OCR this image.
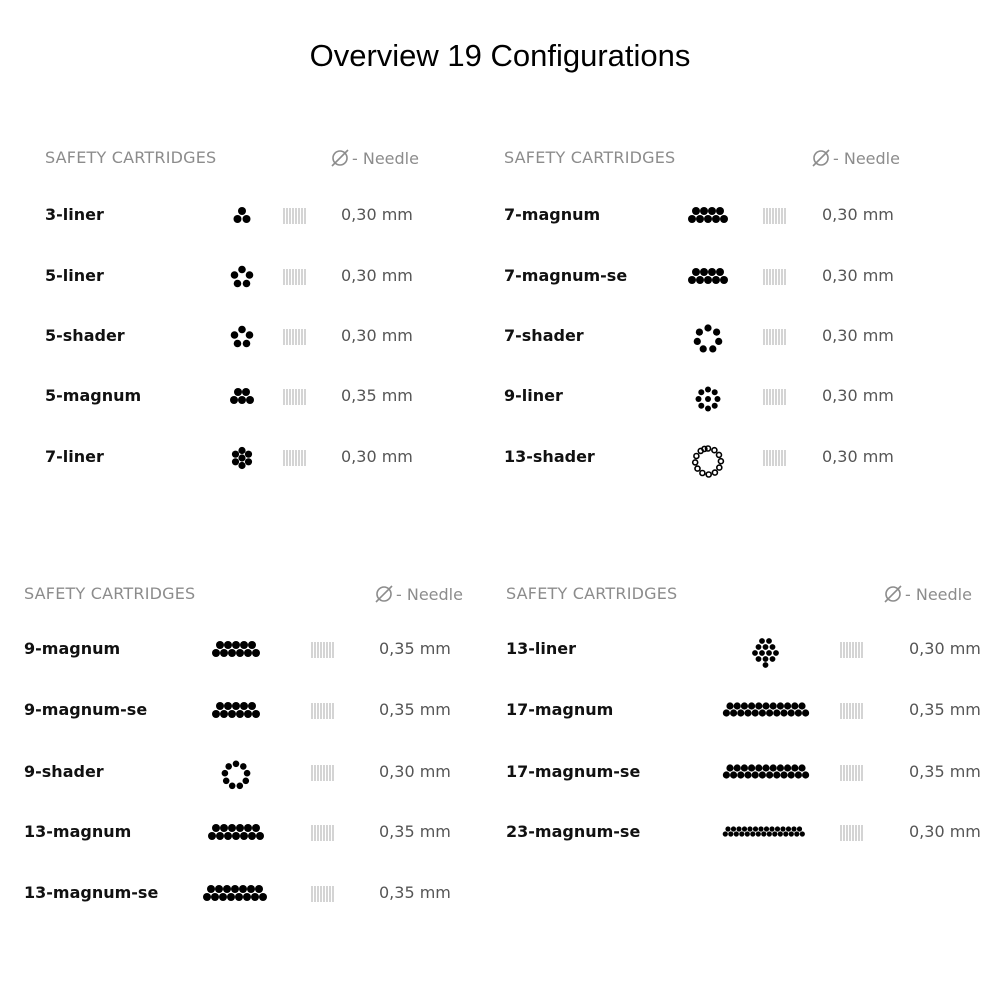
Overview 19 Configurations
SAFETY CARTRIDGES	- Needle
3-liner	0,30 mm
5-liner	0,30 mm
5-shader	0,30 mm
5-magnum	0,35 mm
7-liner	0,30 mm
SAFETY CARTRIDGES	- Needle
7-magnum	0,30 mm
7-magnum-se	0,30 mm
7-shader	0,30 mm
9-liner	0,30 mm
13-shader	0,30 mm
SAFETY CARTRIDGES	- Needle
9-magnum	0,35 mm
9-magnum-se	0,35 mm
9-shader	0,30 mm
13-magnum	0,35 mm
13-magnum-se	0,35 mm
SAFETY CARTRIDGES	- Needle
13-liner	0,30 mm
17-magnum	0,35 mm
17-magnum-se	0,35 mm
23-magnum-se	0,30 mm
